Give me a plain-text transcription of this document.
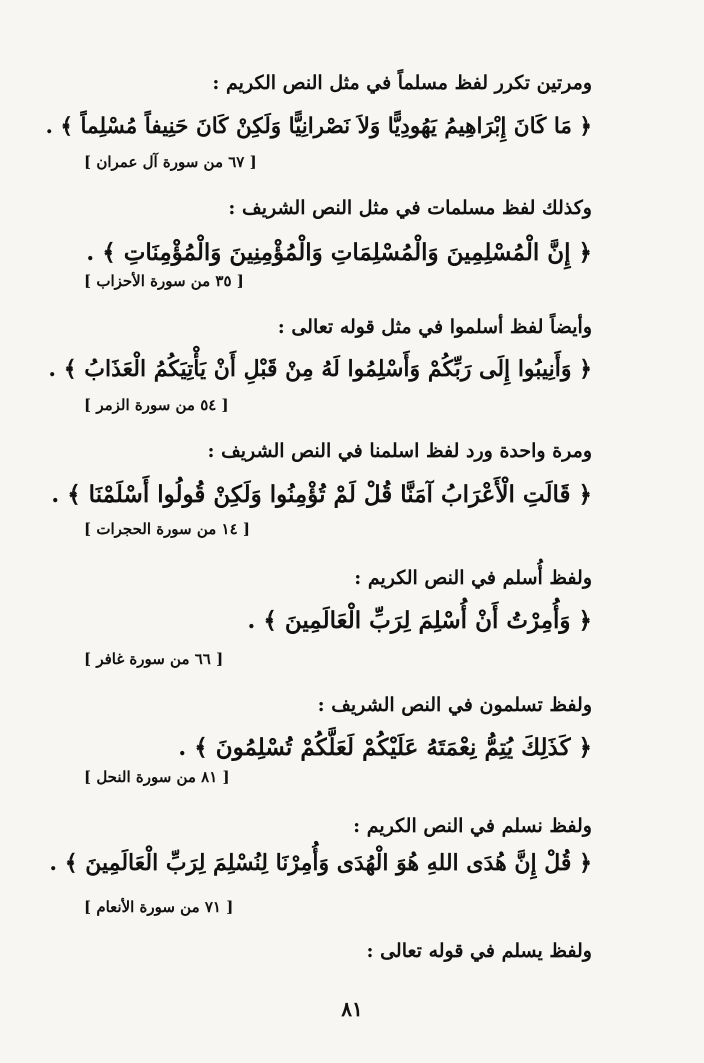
ومرتين تكرر لفظ مسلماً في مثل النص الكريم :
﴿ مَا كَانَ إِبْرَاهِيمُ يَهُودِيًّا وَلاَ نَصْرانِيًّا وَلَكِنْ كَانَ حَنِيفاً مُسْلِماً ﴾ .
[ ٦٧ من سورة آل عمران ]
وكذلك لفظ مسلمات في مثل النص الشريف :
﴿ إِنَّ الْمُسْلِمِينَ وَالْمُسْلِمَاتِ وَالْمُؤْمِنِينَ وَالْمُؤْمِنَاتِ ﴾ .
[ ٣٥ من سورة الأحزاب ]
وأيضاً لفظ أسلموا في مثل قوله تعالى :
﴿ وَأَنِيبُوا إِلَى رَبِّكُمْ وَأَسْلِمُوا لَهُ مِنْ قَبْلِ أَنْ يَأْتِيَكُمُ الْعَذَابُ ﴾ .
[ ٥٤ من سورة الزمر ]
ومرة واحدة ورد لفظ اسلمنا في النص الشريف :
﴿ قَالَتِ الْأَعْرَابُ آمَنَّا قُلْ لَمْ تُؤْمِنُوا وَلَكِنْ قُولُوا أَسْلَمْنَا ﴾ .
[ ١٤ من سورة الحجرات ]
ولفظ أُسلم في النص الكريم :
﴿ وَأُمِرْتُ أَنْ أُسْلِمَ لِرَبِّ الْعَالَمِينَ ﴾ .
[ ٦٦ من سورة غافر ]
ولفظ تسلمون في النص الشريف :
﴿ كَذَلِكَ يُتِمُّ نِعْمَتَهُ عَلَيْكُمْ لَعَلَّكُمْ تُسْلِمُونَ ﴾ .
[ ٨١ من سورة النحل ]
ولفظ نسلم في النص الكريم :
﴿ قُلْ إِنَّ هُدَى اللهِ هُوَ الْهُدَى وَأُمِرْنَا لِنُسْلِمَ لِرَبِّ الْعَالَمِينَ ﴾ .
[ ٧١ من سورة الأنعام ]
ولفظ يسلم في قوله تعالى :
٨١
